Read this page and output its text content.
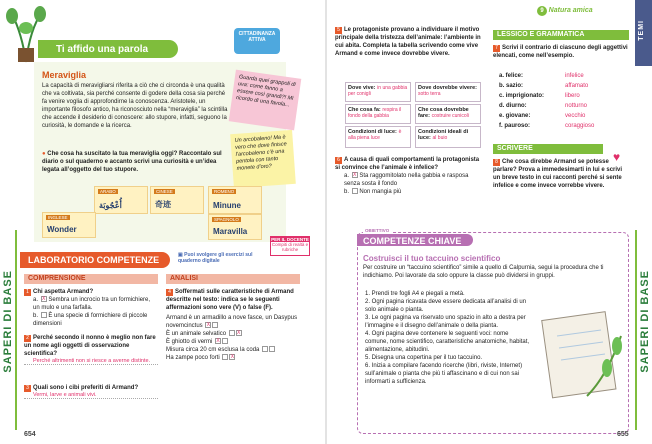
Ti affido una parola
CITTADINANZA ATTIVA
Meraviglia
La capacità di meravigliarsi riferita a ciò che ci circonda è una qualità che va coltivata, sia perché consente di godere della cosa sia perché fa venire voglia di approfondirne la conoscenza. Aristotele, un importante filosofo antico, ha riconosciuto nella “meraviglia” la scintilla che accende il desiderio di conoscere: allo stupore, infatti, seguono la curiosità, le domande e la ricerca.
● Che cosa ha suscitato la tua meraviglia oggi? Raccontalo sul diario o sul quaderno e accanto scrivi una curiosità e un’idea legata all’oggetto del tuo stupore.
Guarda quei grappoli di uva: come fanno a essere così grandi?! Mi ricordo di una favola...
Un arcobaleno! Ma è vero che dove finisce l’arcobaleno c’è una pentola con tanto monete d’oro?
ARABO
أُعْجُوبَة
CINESE
奇迹
ROMENO
Minune
INGLESE
Wonder
SPAGNOLO
Maravilla
PER IL DOCENTE
Compiti di realtà e rubriche
LABORATORIO COMPETENZE	▣ Puoi svolgere gli esercizi sul quaderno digitale
COMPRENSIONE	ANALISI
1 Chi aspetta Armand?
a. X Sembra un incrocio tra un formichiere, un mulo e una farfalla.
b.  È una specie di formichiere di piccole dimensioni
2 Perché secondo il nonno è meglio non fare un nome agli oggetti di osservazione scientifica?
Perché altrimenti non si riesce a averne distinte.
3 Quali sono i cibi preferiti di Armand?
Vermi, larve e animali vivi.
4 Soffermati sulle caratteristiche di Armand descritte nel testo: indica se le seguenti affermazioni sono vere (V) o false (F).
Armand è un armadillo a nove fasce, un Dasypus novemcinctus X
È un animale selvatico X
È ghiotto di vermi X
Misura circa 20 cm esclusa la coda
Ha zampe poco forti X
SAPERI DI BASE
654
9 Natura amica
TEMI
5 Le protagoniste provano a individuare il motivo principale della tristezza dell’animale: l’ambiente in cui abita. Completa la tabella scrivendo come vive Armand e come invece dovrebbe vivere.
Dove vive: in una gabbia per conigli
Dove dovrebbe vivere: sotto terra
Che cosa fa: respira il fondo della gabbia
Che cosa dovrebbe fare: costruire cunicoli
Condizioni di luce: è alla piena luce
Condizioni ideali di luce: al buio
6 A causa di quali comportamenti la protagonista si convince che l’animale è infelice?
a. X Sta raggomitolato nella gabbia e rasposa senza sosta il fondo
b.  Non mangia più
LESSICO E GRAMMATICA
7 Scrivi il contrario di ciascuno degli aggettivi elencati, come nell’esempio.
a. felice:	infelice
b. sazio:	affamato
c. imprigionato:	libero
d. diurno:	notturno
e. giovane:	vecchio
f. pauroso:	coraggioso
SCRIVERE
♥
8 Che cosa direbbe Armand se potesse parlare? Prova a immedesimarti in lui e scrivi un breve testo in cui racconti perché si sente infelice e come invece vorrebbe vivere.
OBIETTIVO
COMPETENZE CHIAVE
Costruisci il tuo taccuino scientifico
Per costruire un “taccuino scientifico” simile a quello di Calpurnia, segui la procedura che ti indichiamo. Poi lavorate da solo oppure la classe può dividersi in gruppi.
1. Prendi tre fogli A4 e piegali a metà.
2. Ogni pagina ricavata deve essere dedicata all’analisi di un solo animale o pianta.
3. Le ogni pagina va riservato uno spazio in alto a destra per l’immagine e il disegno dell’animale o della pianta.
4. Ogni pagina deve contenere le seguenti voci: nome comune, nome scientifico, caratteristiche anatomiche, habitat, alimentazione, abitudini.
5. Disegna una copertina per il tuo taccuino.
6. Inizia a compilare facendo ricerche (libri, riviste, Internet) sull’animale o pianta che più ti affascinano e di cui non sai informarti a sufficienza.
SAPERI DI BASE
655
